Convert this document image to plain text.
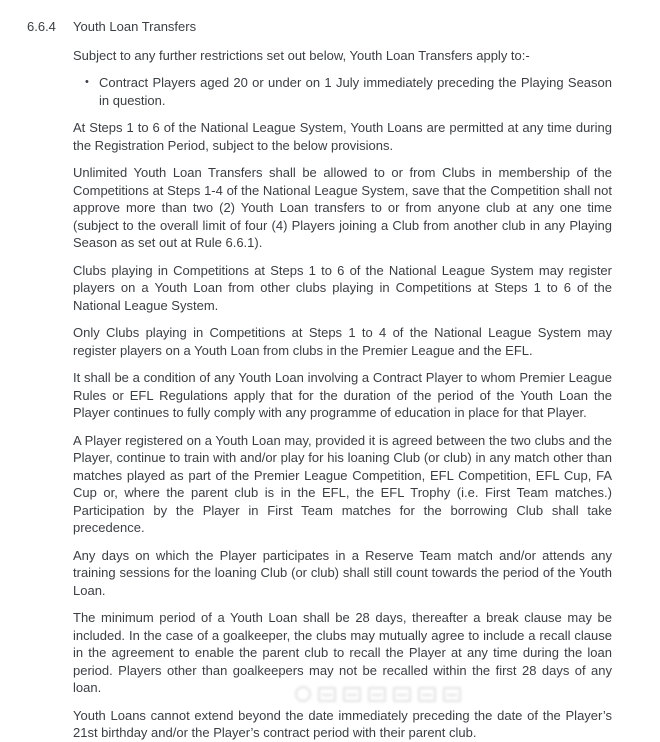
6.6.4	Youth Loan Transfers

Subject to any further restrictions set out below, Youth Loan Transfers apply to:-

• Contract Players aged 20 or under on 1 July immediately preceding the Playing Season in question.

At Steps 1 to 6 of the National League System, Youth Loans are permitted at any time during the Registration Period, subject to the below provisions.

Unlimited Youth Loan Transfers shall be allowed to or from Clubs in membership of the Competitions at Steps 1-4 of the National League System, save that the Competition shall not approve more than two (2) Youth Loan transfers to or from anyone club at any one time (subject to the overall limit of four (4) Players joining a Club from another club in any Playing Season as set out at Rule 6.6.1).

Clubs playing in Competitions at Steps 1 to 6 of the National League System may register players on a Youth Loan from other clubs playing in Competitions at Steps 1 to 6 of the National League System.

Only Clubs playing in Competitions at Steps 1 to 4 of the National League System may register players on a Youth Loan from clubs in the Premier League and the EFL.

It shall be a condition of any Youth Loan involving a Contract Player to whom Premier League Rules or EFL Regulations apply that for the duration of the period of the Youth Loan the Player continues to fully comply with any programme of education in place for that Player.

A Player registered on a Youth Loan may, provided it is agreed between the two clubs and the Player, continue to train with and/or play for his loaning Club (or club) in any match other than matches played as part of the Premier League Competition, EFL Competition, EFL Cup, FA Cup or, where the parent club is in the EFL, the EFL Trophy (i.e. First Team matches.) Participation by the Player in First Team matches for the borrowing Club shall take precedence.

Any days on which the Player participates in a Reserve Team match and/or attends any training sessions for the loaning Club (or club) shall still count towards the period of the Youth Loan.

The minimum period of a Youth Loan shall be 28 days, thereafter a break clause may be included. In the case of a goalkeeper, the clubs may mutually agree to include a recall clause in the agreement to enable the parent club to recall the Player at any time during the loan period. Players other than goalkeepers may not be recalled within the first 28 days of any loan.

Youth Loans cannot extend beyond the date immediately preceding the date of the Player’s 21st birthday and/or the Player’s contract period with their parent club.
